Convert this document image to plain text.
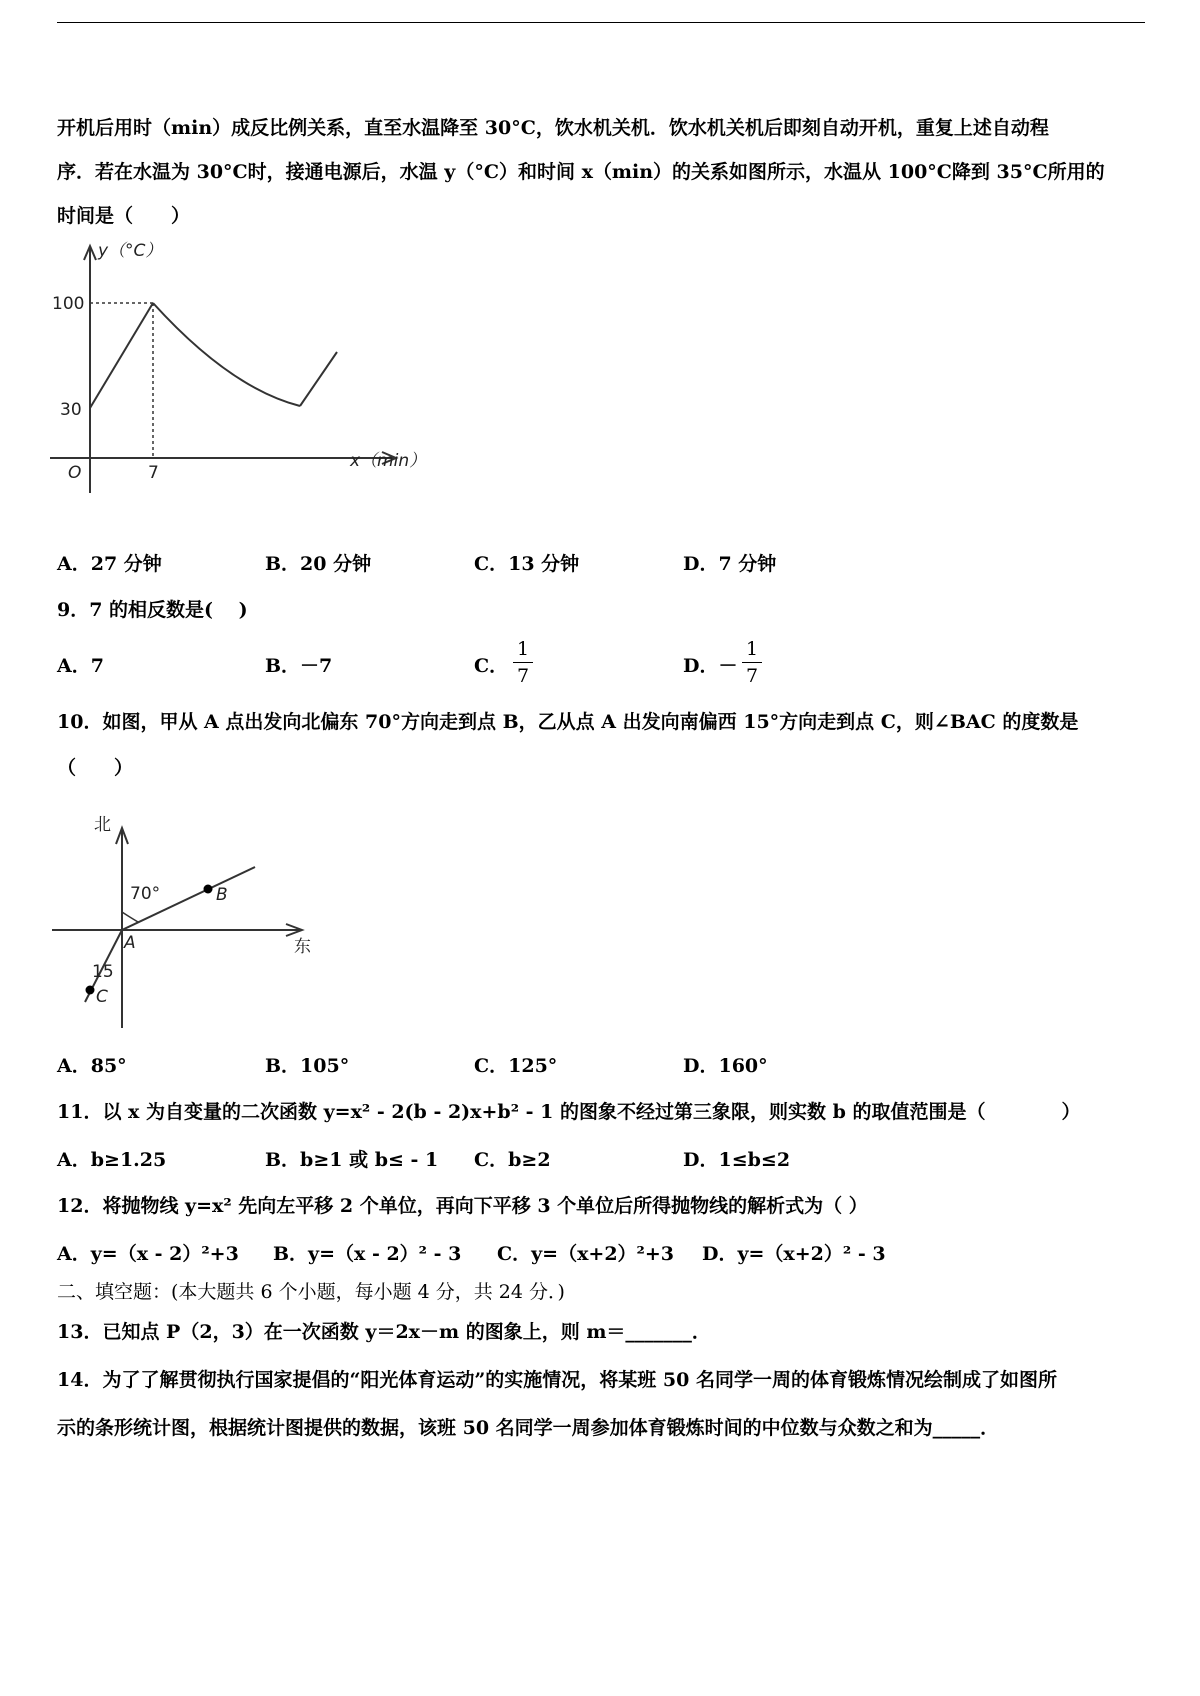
开机后用时（min）成反比例关系，直至水温降至 30°C，饮水机关机．饮水机关机后即刻自动开机，重复上述自动程
序．若在水温为 30°C时，接通电源后，水温 y（°C）和时间 x（min）的关系如图所示，水温从 100°C降到 35°C所用的
时间是（　　）
y（°C）
x（min）
100
30
7
O
A．27 分钟	B．20 分钟	C．13 分钟	D．7 分钟
9．7 的相反数是(　 )
A．7	B．－7	C．
1
7	D．－
1
7
10．如图，甲从 A 点出发向北偏东 70°方向走到点 B，乙从点 A 出发向南偏西 15°方向走到点 C，则∠BAC 的度数是
（　　）
北
东
70°
15
A
B
C
A．85°	B．105°	C．125°	D．160°
11．以 x 为自变量的二次函数 y=x² - 2(b - 2)x+b² - 1 的图象不经过第三象限，则实数 b 的取值范围是（　　　　）
A．b≥1.25	B．b≥1 或 b≤ - 1 C．b≥2	D．1≤b≤2
12．将抛物线 y=x² 先向左平移 2 个单位，再向下平移 3 个单位后所得抛物线的解析式为（ ）
A．y=（x - 2）²+3 B．y=（x - 2）² - 3 C．y=（x+2）²+3 D．y=（x+2）² - 3
二、填空题：(本大题共 6 个小题，每小题 4 分，共 24 分．)
13．已知点 P（2，3）在一次函数 y＝2x－m 的图象上，则 m＝_______．
14．为了了解贯彻执行国家提倡的“阳光体育运动”的实施情况，将某班 50 名同学一周的体育锻炼情况绘制成了如图所
示的条形统计图，根据统计图提供的数据，该班 50 名同学一周参加体育锻炼时间的中位数与众数之和为_____．
